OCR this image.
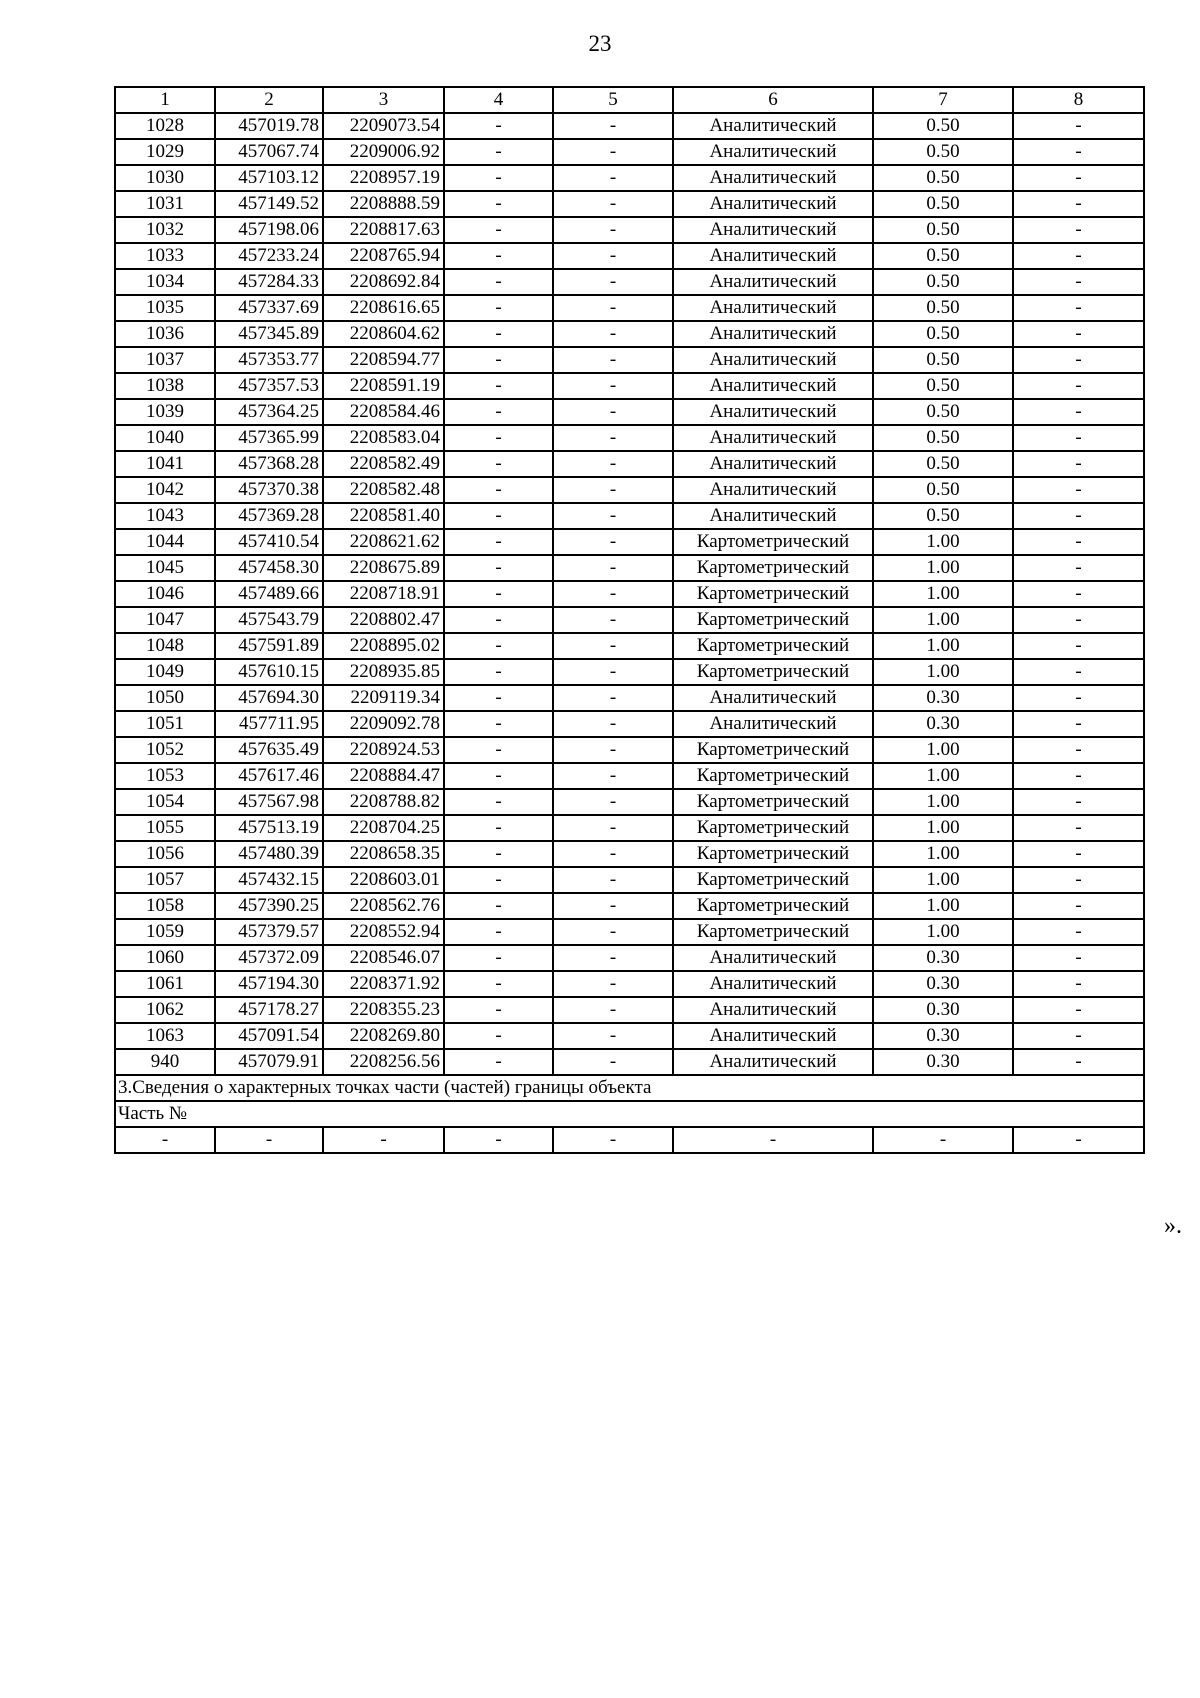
23
1	2	3	4	5	6	7	8
1028	457019.78	2209073.54	-	-	Аналитический	0.50	-
1029	457067.74	2209006.92	-	-	Аналитический	0.50	-
1030	457103.12	2208957.19	-	-	Аналитический	0.50	-
1031	457149.52	2208888.59	-	-	Аналитический	0.50	-
1032	457198.06	2208817.63	-	-	Аналитический	0.50	-
1033	457233.24	2208765.94	-	-	Аналитический	0.50	-
1034	457284.33	2208692.84	-	-	Аналитический	0.50	-
1035	457337.69	2208616.65	-	-	Аналитический	0.50	-
1036	457345.89	2208604.62	-	-	Аналитический	0.50	-
1037	457353.77	2208594.77	-	-	Аналитический	0.50	-
1038	457357.53	2208591.19	-	-	Аналитический	0.50	-
1039	457364.25	2208584.46	-	-	Аналитический	0.50	-
1040	457365.99	2208583.04	-	-	Аналитический	0.50	-
1041	457368.28	2208582.49	-	-	Аналитический	0.50	-
1042	457370.38	2208582.48	-	-	Аналитический	0.50	-
1043	457369.28	2208581.40	-	-	Аналитический	0.50	-
1044	457410.54	2208621.62	-	-	Картометрический	1.00	-
1045	457458.30	2208675.89	-	-	Картометрический	1.00	-
1046	457489.66	2208718.91	-	-	Картометрический	1.00	-
1047	457543.79	2208802.47	-	-	Картометрический	1.00	-
1048	457591.89	2208895.02	-	-	Картометрический	1.00	-
1049	457610.15	2208935.85	-	-	Картометрический	1.00	-
1050	457694.30	2209119.34	-	-	Аналитический	0.30	-
1051	457711.95	2209092.78	-	-	Аналитический	0.30	-
1052	457635.49	2208924.53	-	-	Картометрический	1.00	-
1053	457617.46	2208884.47	-	-	Картометрический	1.00	-
1054	457567.98	2208788.82	-	-	Картометрический	1.00	-
1055	457513.19	2208704.25	-	-	Картометрический	1.00	-
1056	457480.39	2208658.35	-	-	Картометрический	1.00	-
1057	457432.15	2208603.01	-	-	Картометрический	1.00	-
1058	457390.25	2208562.76	-	-	Картометрический	1.00	-
1059	457379.57	2208552.94	-	-	Картометрический	1.00	-
1060	457372.09	2208546.07	-	-	Аналитический	0.30	-
1061	457194.30	2208371.92	-	-	Аналитический	0.30	-
1062	457178.27	2208355.23	-	-	Аналитический	0.30	-
1063	457091.54	2208269.80	-	-	Аналитический	0.30	-
940	457079.91	2208256.56	-	-	Аналитический	0.30	-
3.Сведения о характерных точках части (частей) границы объекта							
Часть №							
-	-	-	-	-	-	-	-
».
